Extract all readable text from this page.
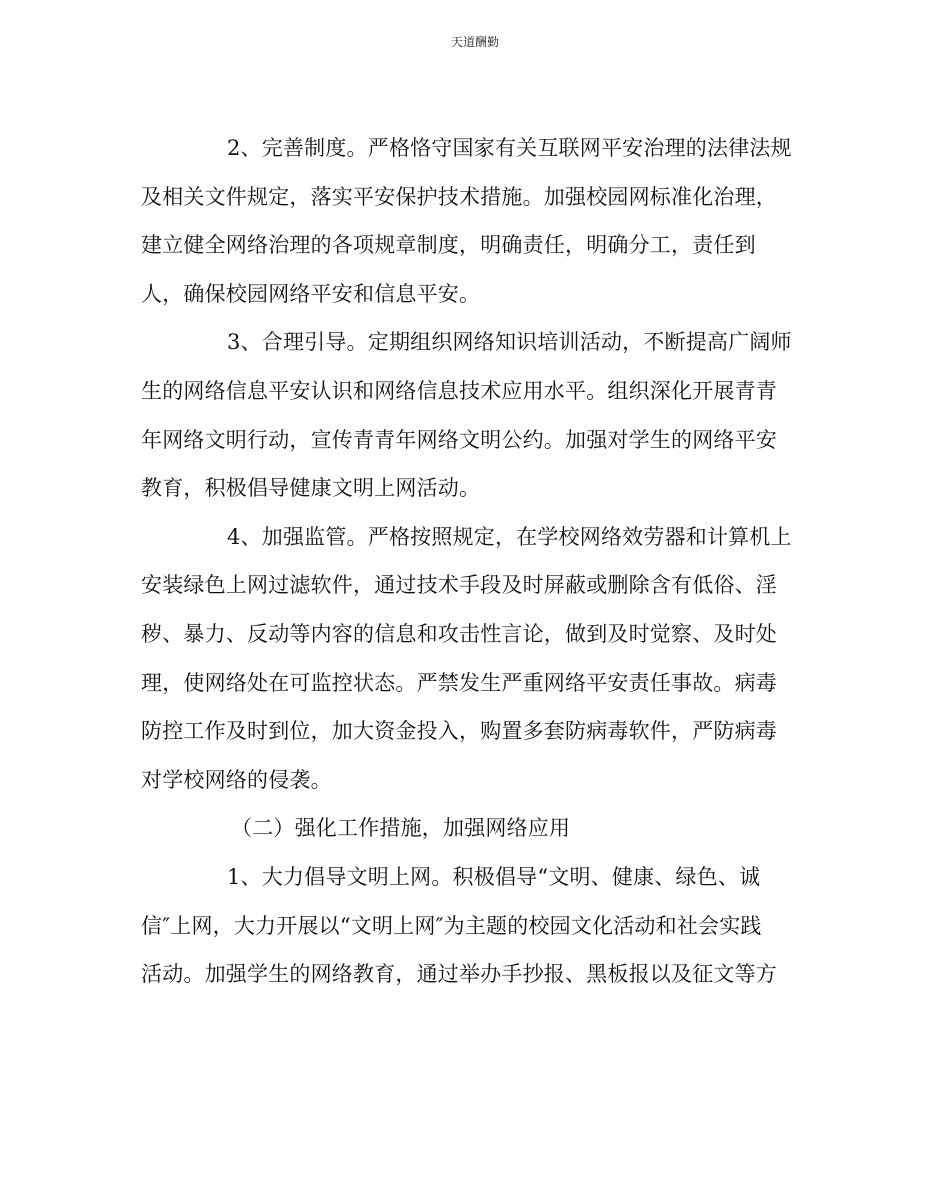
天道酬勤
2、完善制度。严格恪守国家有关互联网平安治理的法律法规
及相关文件规定，落实平安保护技术措施。加强校园网标准化治理，
建立健全网络治理的各项规章制度，明确责任，明确分工，责任到
人，确保校园网络平安和信息平安。
3、合理引导。定期组织网络知识培训活动，不断提高广阔师
生的网络信息平安认识和网络信息技术应用水平。组织深化开展青青
年网络文明行动，宣传青青年网络文明公约。加强对学生的网络平安
教育，积极倡导健康文明上网活动。
4、加强监管。严格按照规定，在学校网络效劳器和计算机上
安装绿色上网过滤软件，通过技术手段及时屏蔽或删除含有低俗、淫
秽、暴力、反动等内容的信息和攻击性言论，做到及时觉察、及时处
理，使网络处在可监控状态。严禁发生严重网络平安责任事故。病毒
防控工作及时到位，加大资金投入，购置多套防病毒软件，严防病毒
对学校网络的侵袭。
（二）强化工作措施，加强网络应用
1、大力倡导文明上网。积极倡导“文明、健康、绿色、诚
信″上网，大力开展以“文明上网″为主题的校园文化活动和社会实践
活动。加强学生的网络教育，通过举办手抄报、黑板报以及征文等方
